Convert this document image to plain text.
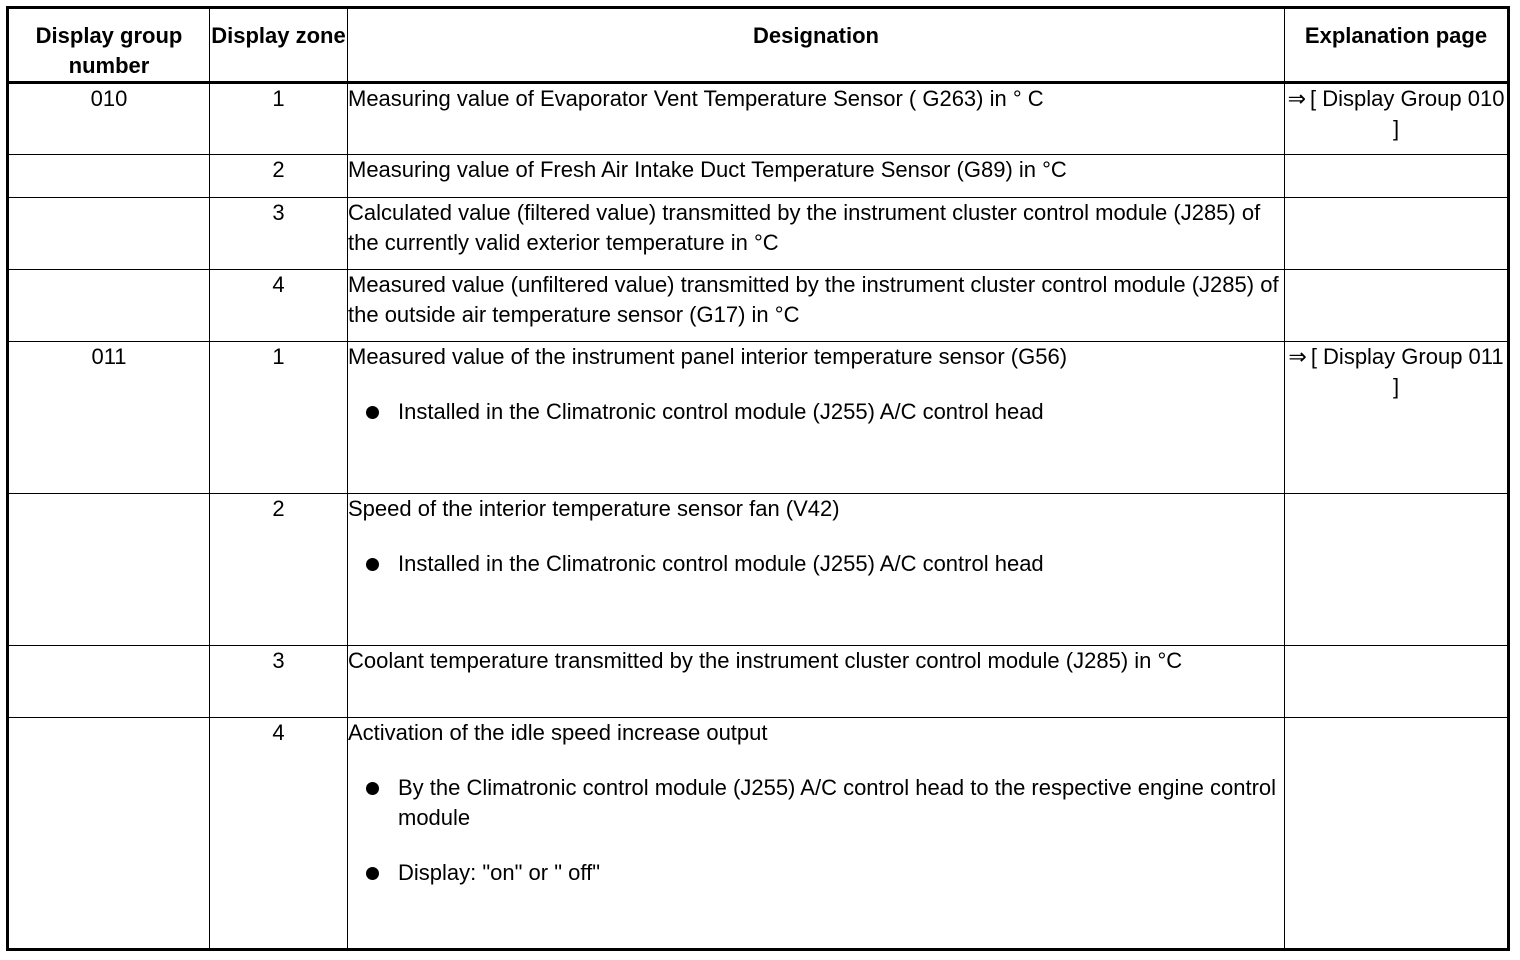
Display group number	Display zone	Designation	Explanation page
010	1	Measuring value of Evaporator Vent Temperature Sensor ( G263) in ° C	⇒ [ Display Group 010 ]
	2	Measuring value of Fresh Air Intake Duct Temperature Sensor (G89) in °C	
	3	Calculated value (filtered value) transmitted by the instrument cluster control module (J285) of the currently valid exterior temperature in °C	
	4	Measured value (unfiltered value) transmitted by the instrument cluster control module (J285) of the outside air temperature sensor (G17) in °C	
011	1	Measured value of the instrument panel interior temperature sensor (G56)
Installed in the Climatronic control module (J255) A/C control head	⇒ [ Display Group 011 ]
	2	Speed of the interior temperature sensor fan (V42)
Installed in the Climatronic control module (J255) A/C control head	

	3	Coolant temperature transmitted by the instrument cluster control module (J285) in °C	
	4	Activation of the idle speed increase output
By the Climatronic control module (J255) A/C control head to the respective engine control module
Display: "on" or " off"	
